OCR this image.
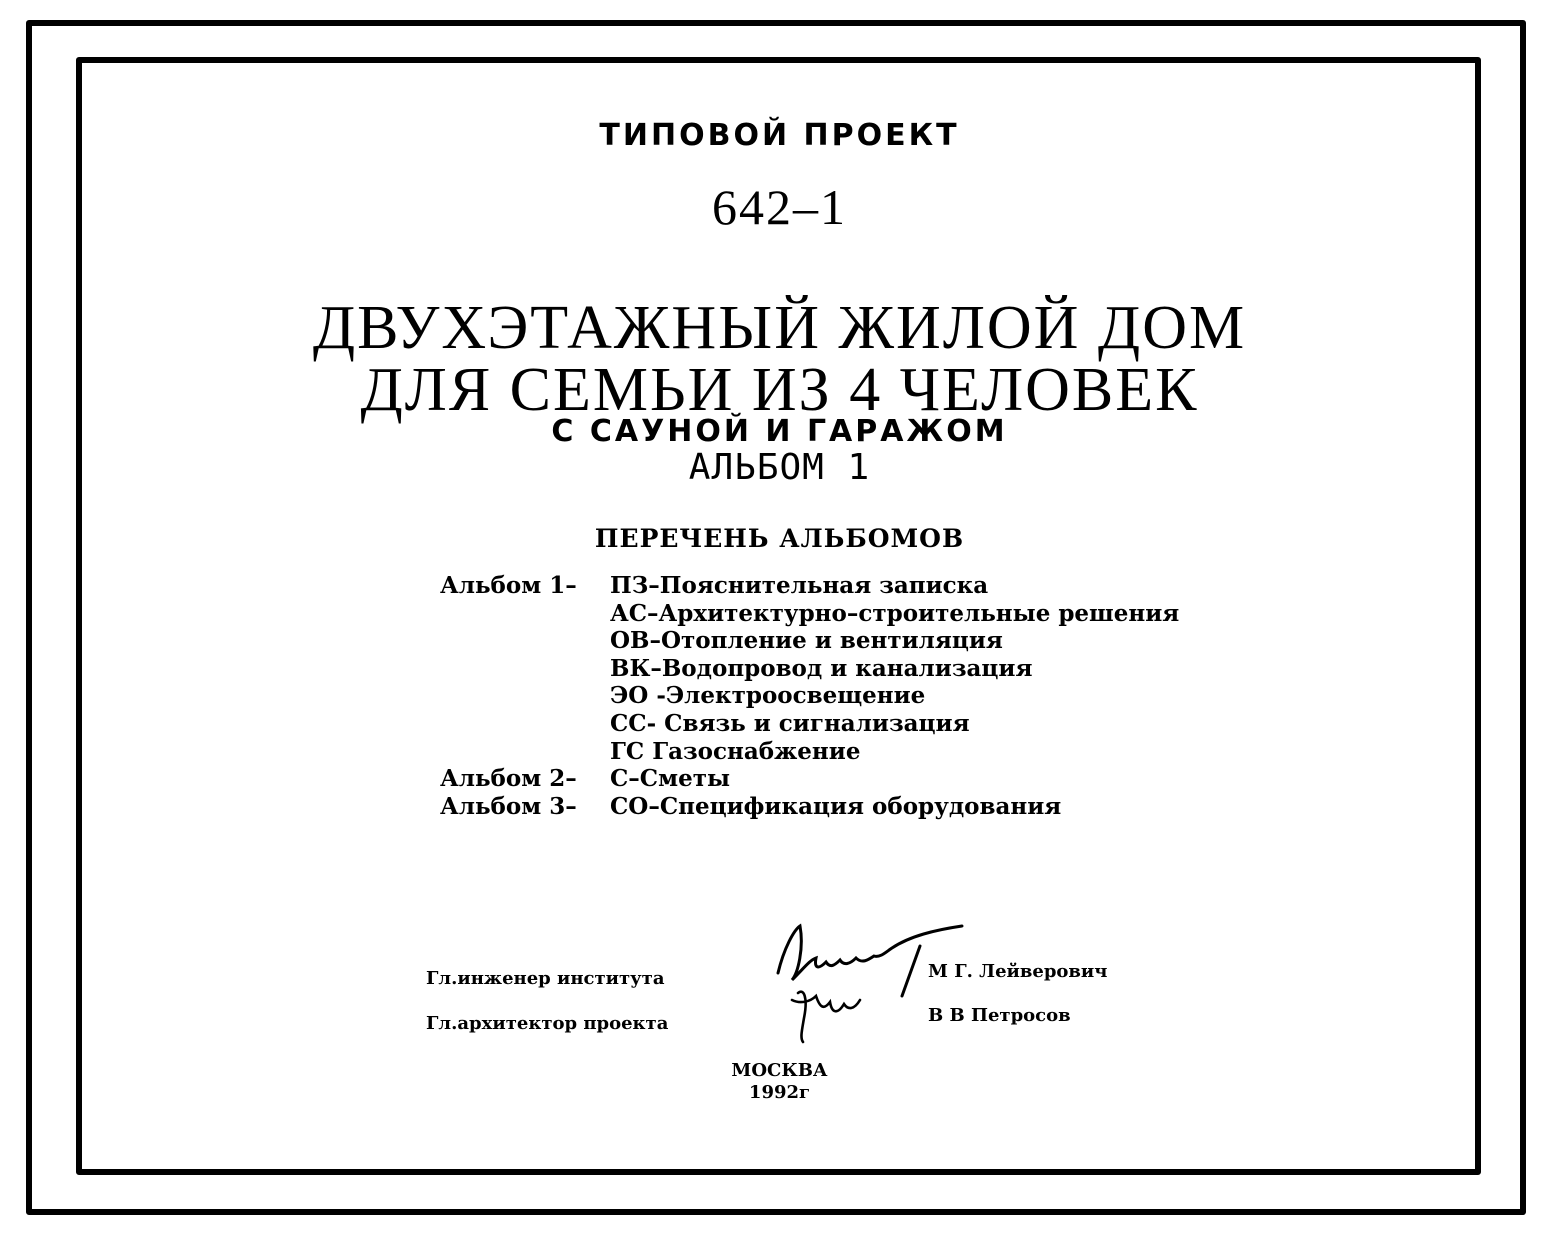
ТИПОВОЙ ПРОЕКТ

642–1

ДВУХЭТАЖНЫЙ ЖИЛОЙ ДОМ

ДЛЯ СЕМЬИ ИЗ 4 ЧЕЛОВЕК

С САУНОЙ И ГАРАЖОМ

АЛЬБОМ 1

ПЕРЕЧЕНЬ АЛЬБОМОВ

Альбом 1– ПЗ–Пояснительная записка
АС–Архитектурно–строительные решения
ОВ–Отопление и вентиляция
ВК–Водопровод и канализация
ЭО -Электроосвещение
СС- Связь и сигнализация
ГС Газоснабжение
Альбом 2– С–Сметы
Альбом 3– СО–Спецификация оборудования

Гл.инженер института

Гл.архитектор проекта

М Г. Лейверович

В В Петросов

МОСКВА

1992г
